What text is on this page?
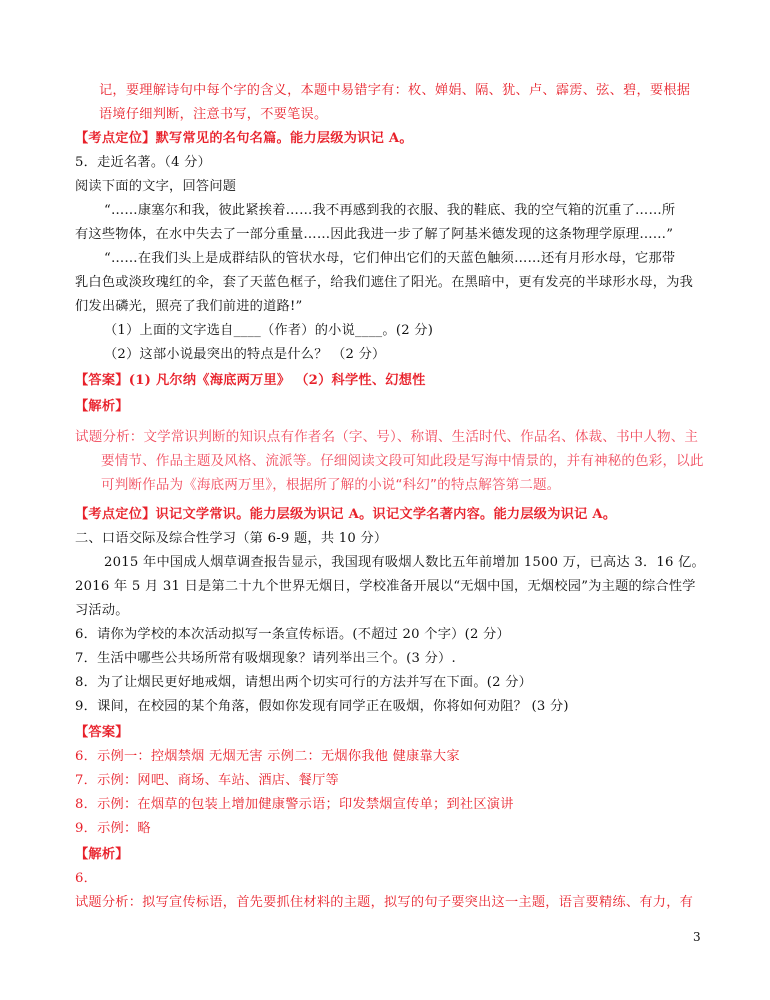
记，要理解诗句中每个字的含义，本题中易错字有：枚、婵娟、隔、犹、卢、霹雳、弦、碧，要根据
语境仔细判断，注意书写，不要笔误。
【考点定位】默写常见的名句名篇。能力层级为识记 A。
5．走近名著。（4 分）
阅读下面的文字，回答问题
“……康塞尔和我，彼此紧挨着……我不再感到我的衣服、我的鞋底、我的空气箱的沉重了……所
有这些物体，在水中失去了一部分重量……因此我进一步了解了阿基米德发现的这条物理学原理……”
“……在我们头上是成群结队的管状水母，它们伸出它们的天蓝色触须……还有月形水母，它那带
乳白色或淡玫瑰红的伞，套了天蓝色框子，给我们遮住了阳光。在黑暗中，更有发亮的半球形水母，为我
们发出磷光，照亮了我们前进的道路!”
（1）上面的文字选自____（作者）的小说____。(2 分)
（2）这部小说最突出的特点是什么？ （2 分）
【答案】(1) 凡尔纳《海底两万里》 （2）科学性、幻想性
【解析】
试题分析：文学常识判断的知识点有作者名（字、号）、称谓、生活时代、作品名、体裁、书中人物、主
要情节、作品主题及风格、流派等。仔细阅读文段可知此段是写海中情景的，并有神秘的色彩，以此
可判断作品为《海底两万里》，根据所了解的小说“科幻”的特点解答第二题。
【考点定位】识记文学常识。能力层级为识记 A。识记文学名著内容。能力层级为识记 A。
二、口语交际及综合性学习（第 6-9 题，共 10 分）
2015 年中国成人烟草调查报告显示，我国现有吸烟人数比五年前增加 1500 万，已高达 3．16 亿。
2016 年 5 月 31 日是第二十九个世界无烟日，学校准备开展以“无烟中国，无烟校园”为主题的综合性学
习活动。
6．请你为学校的本次活动拟写一条宣传标语。(不超过 20 个字）(2 分）
7．生活中哪些公共场所常有吸烟现象？请列举出三个。(3 分）.
8．为了让烟民更好地戒烟，请想出两个切实可行的方法并写在下面。(2 分）
9．课间，在校园的某个角落，假如你发现有同学正在吸烟，你将如何劝阻？ (3 分)
【答案】
6．示例一：控烟禁烟 无烟无害 示例二：无烟你我他 健康靠大家
7．示例：网吧、商场、车站、酒店、餐厅等
8．示例：在烟草的包装上增加健康警示语；印发禁烟宣传单；到社区演讲
9．示例：略
【解析】
6．
试题分析：拟写宣传标语，首先要抓住材料的主题，拟写的句子要突出这一主题，语言要精练、有力，有
3
